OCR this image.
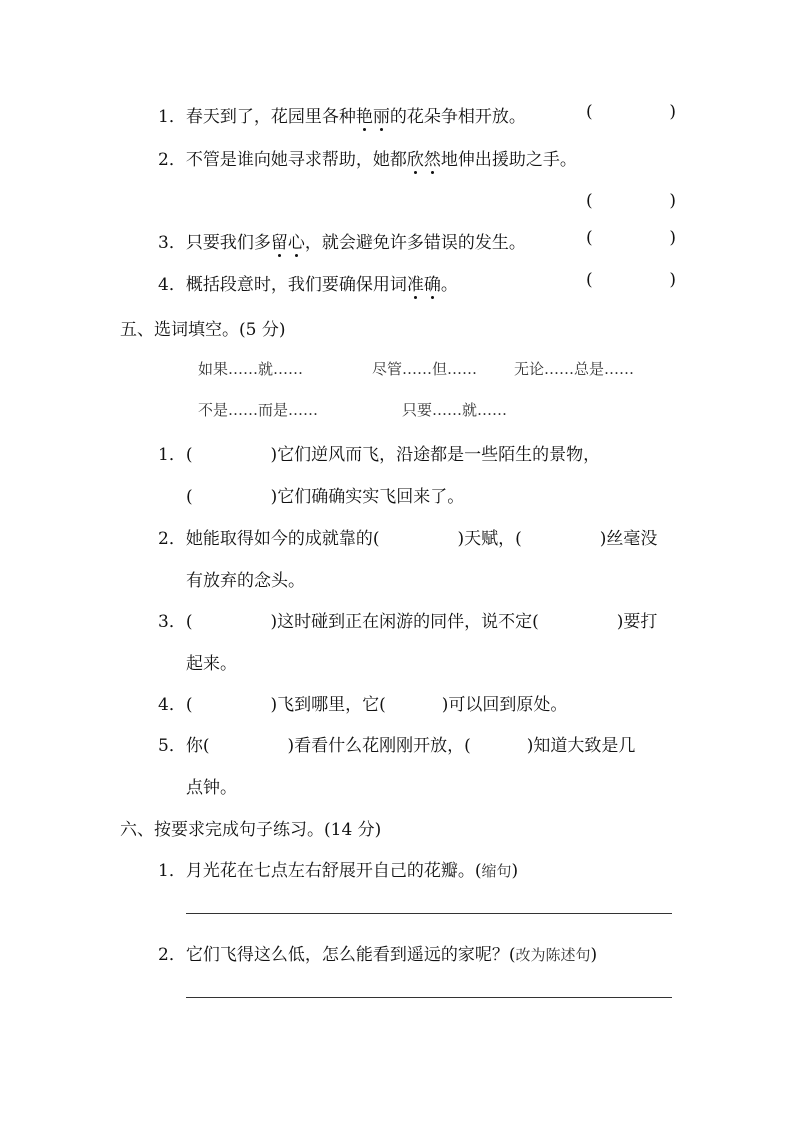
1．春天到了，花园里各种艳丽的花朵争相开放。	(	)
2．不管是谁向她寻求帮助，她都欣然地伸出援助之手。
(	)
3．只要我们多留心，就会避免许多错误的发生。	(	)
4．概括段意时，我们要确保用词准确。	(	)
五、选词填空。(5 分)
如果……就……	尽管……但…… 无论……总是……
不是……而是……	只要……就……
1．(	)它们逆风而飞，沿途都是一些陌生的景物，
(	)它们确确实实飞回来了。
2．她能取得如今的成就靠的(	)天赋，(	)丝毫没
有放弃的念头。
3．(	)这时碰到正在闲游的同伴，说不定(	)要打
起来。
4．(	)飞到哪里，它(	)可以回到原处。
5．你(	)看看什么花刚刚开放，(	)知道大致是几
点钟。
六、按要求完成句子练习。(14 分)
1．月光花在七点左右舒展开自己的花瓣。(缩句)
2．它们飞得这么低，怎么能看到遥远的家呢？(改为陈述句)
